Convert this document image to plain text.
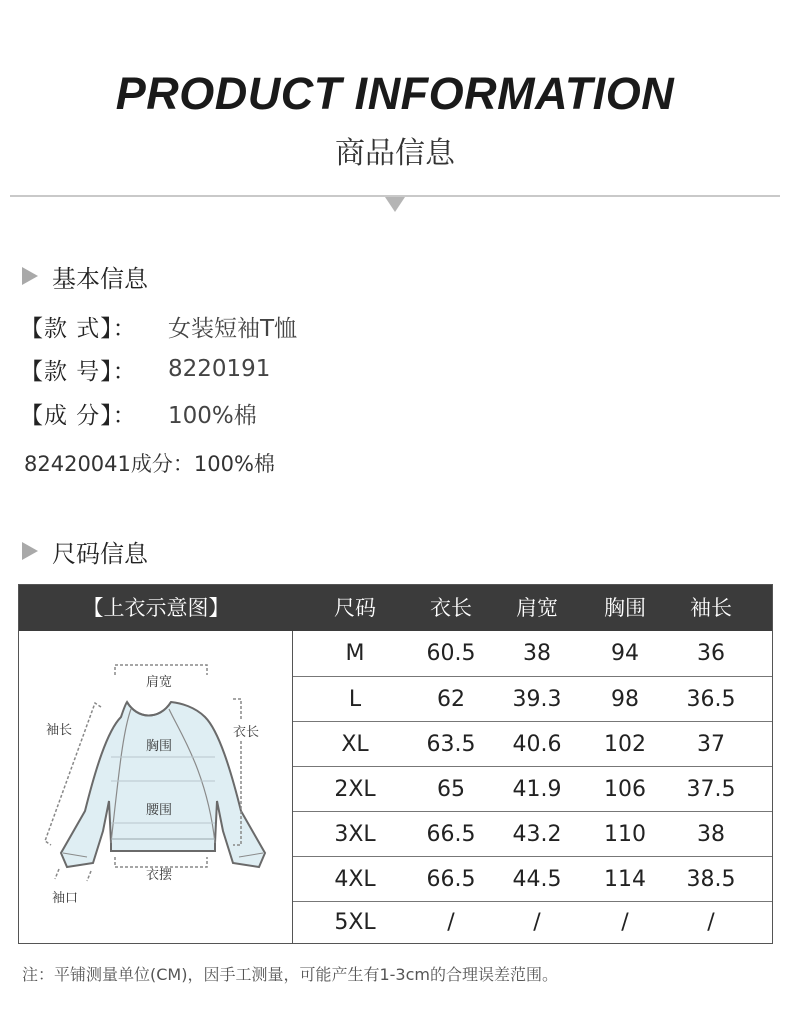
PRODUCT INFORMATION
商品信息
基本信息
【款 式】：	女装短袖T恤
【款 号】：	8220191
【成 分】：	100%棉
82420041成分：100%棉
尺码信息
【上衣示意图】	尺码	衣长	肩宽	胸围	袖长
肩宽
袖长	衣长
胸围
腰围
衣摆
袖口
M	60.5	38	94	36
L	62	39.3	98	36.5
XL	63.5	40.6	102	37
2XL	65	41.9	106	37.5
3XL	66.5	43.2	110	38
4XL	66.5	44.5	114	38.5
5XL	/	/	/	/
注：平铺测量单位(CM)，因手工测量，可能产生有1-3cm的合理误差范围。
